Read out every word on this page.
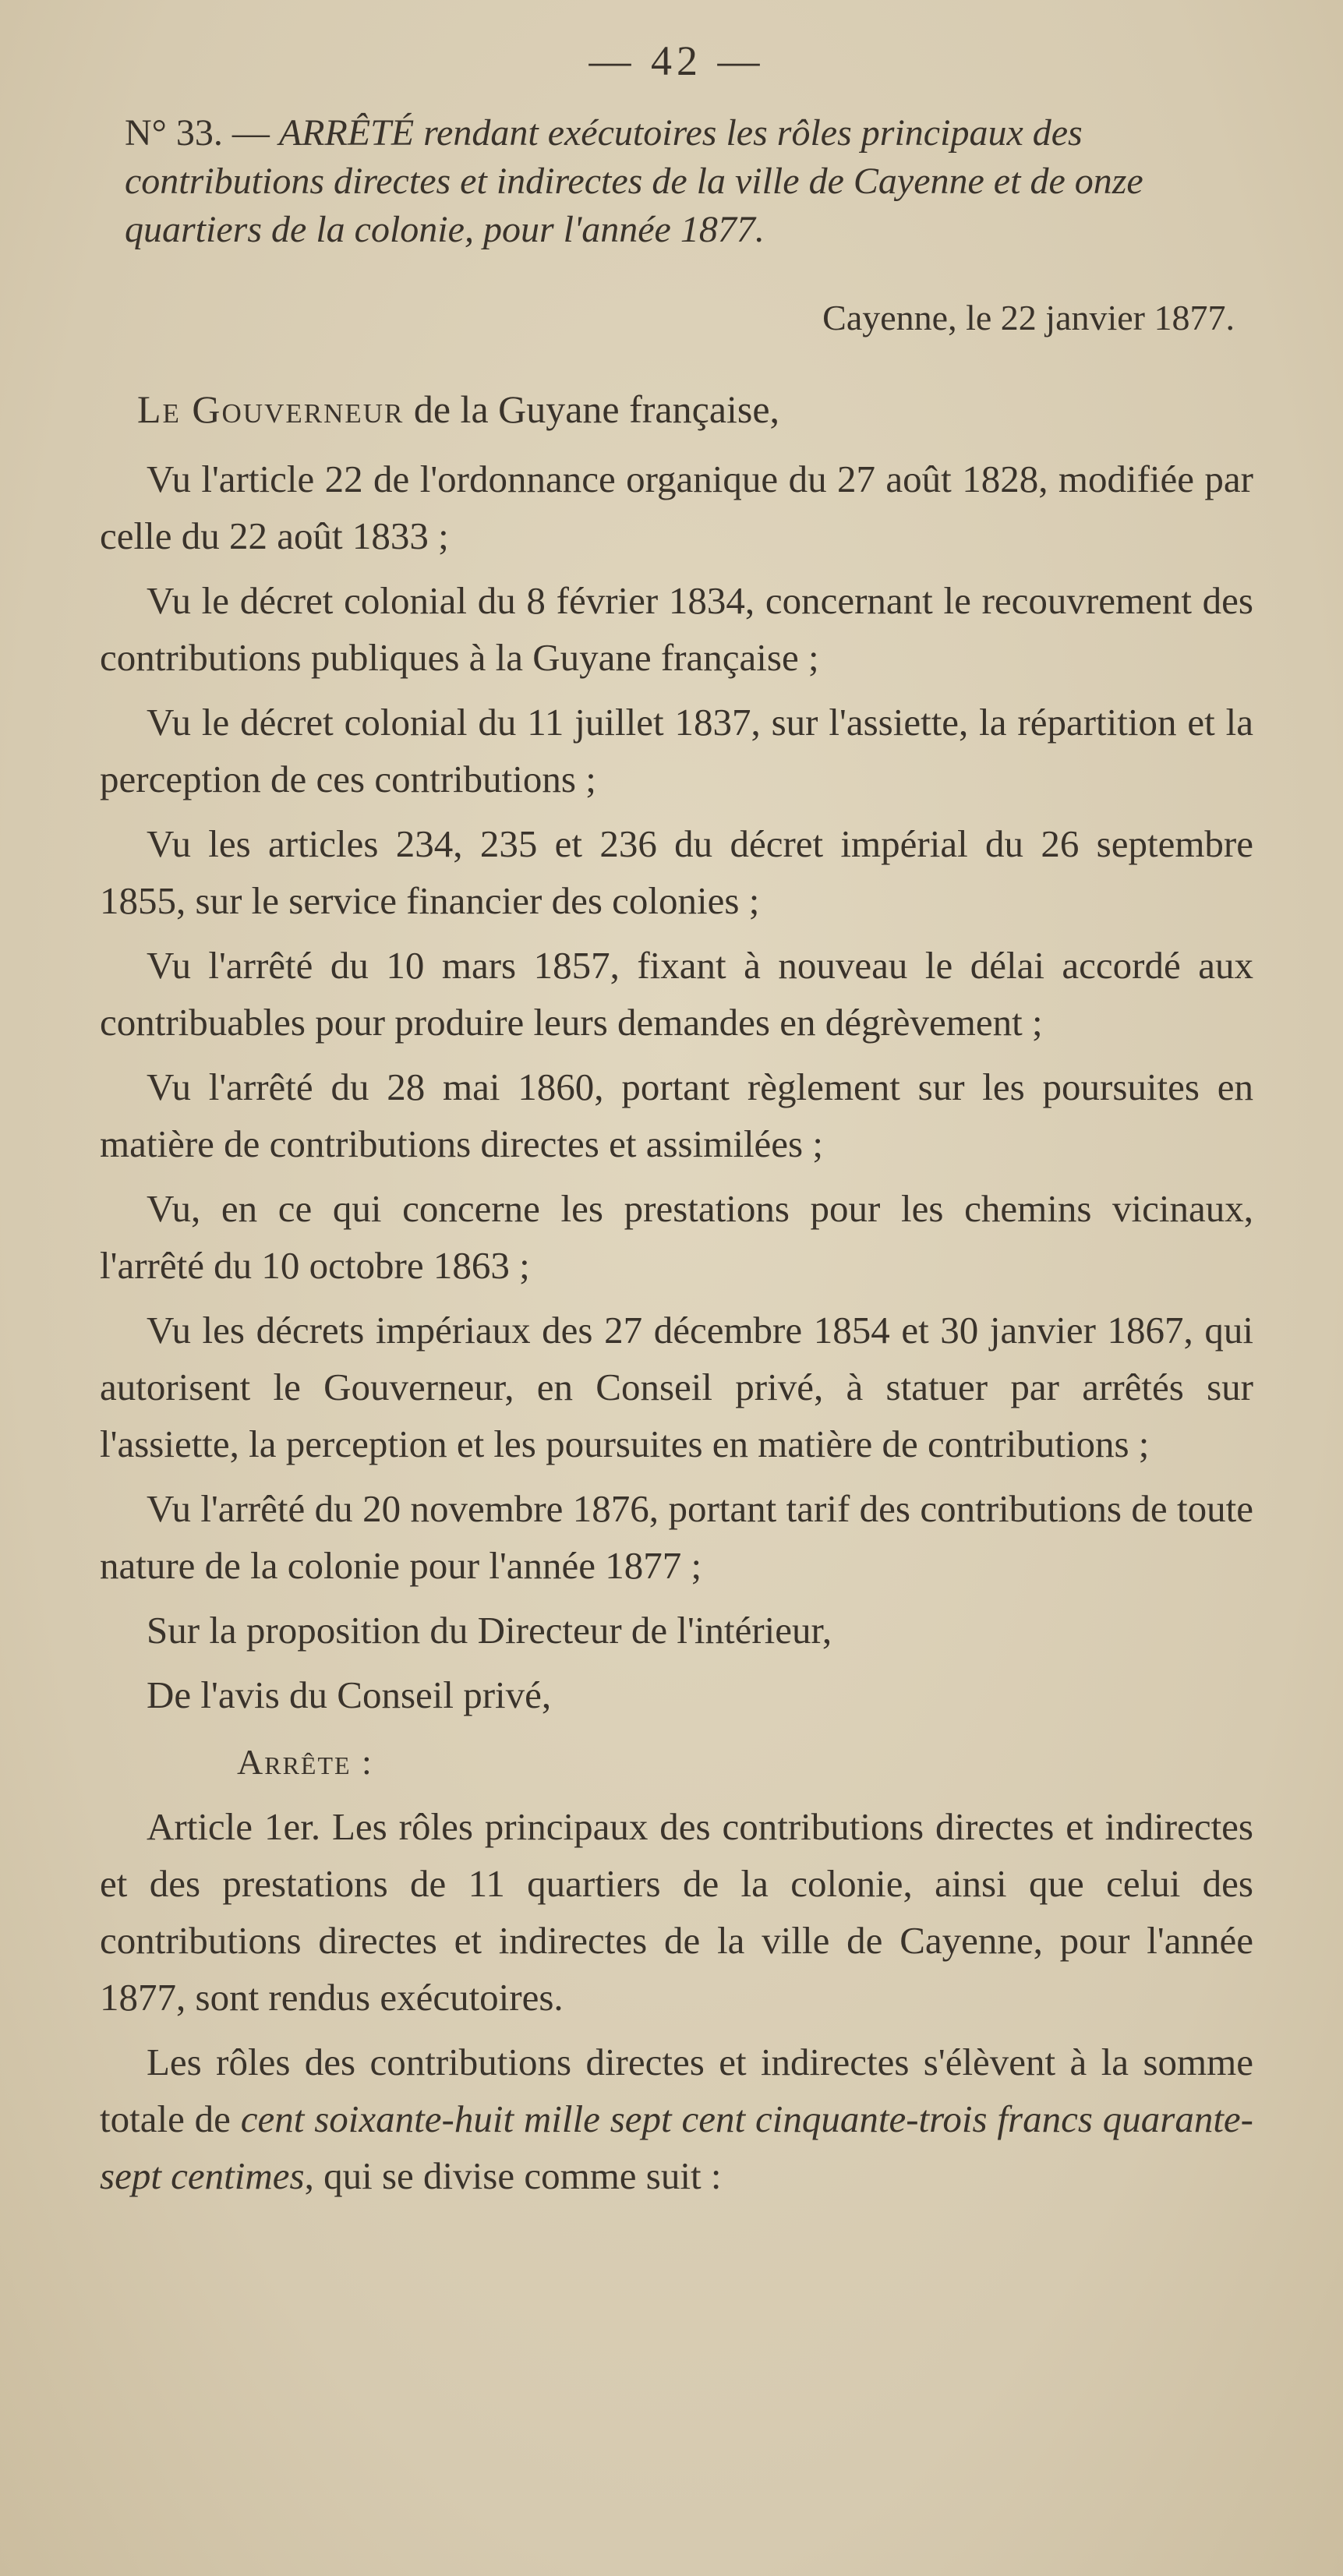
— 42 —
N° 33. — ARRÊTÉ rendant exécutoires les rôles principaux des contributions directes et indirectes de la ville de Cayenne et de onze quartiers de la colonie, pour l'année 1877.
Cayenne, le 22 janvier 1877.
Le Gouverneur de la Guyane française,

Vu l'article 22 de l'ordonnance organique du 27 août 1828, modifiée par celle du 22 août 1833 ;

Vu le décret colonial du 8 février 1834, concernant le recouvrement des contributions publiques à la Guyane française ;

Vu le décret colonial du 11 juillet 1837, sur l'assiette, la répartition et la perception de ces contributions ;

Vu les articles 234, 235 et 236 du décret impérial du 26 septembre 1855, sur le service financier des colonies ;

Vu l'arrêté du 10 mars 1857, fixant à nouveau le délai accordé aux contribuables pour produire leurs demandes en dégrèvement ;

Vu l'arrêté du 28 mai 1860, portant règlement sur les poursuites en matière de contributions directes et assimilées ;

Vu, en ce qui concerne les prestations pour les chemins vicinaux, l'arrêté du 10 octobre 1863 ;

Vu les décrets impériaux des 27 décembre 1854 et 30 janvier 1867, qui autorisent le Gouverneur, en Conseil privé, à statuer par arrêtés sur l'assiette, la perception et les poursuites en matière de contributions ;

Vu l'arrêté du 20 novembre 1876, portant tarif des contributions de toute nature de la colonie pour l'année 1877 ;

Sur la proposition du Directeur de l'intérieur,

De l'avis du Conseil privé,

Arrête :

Article 1er. Les rôles principaux des contributions directes et indirectes et des prestations de 11 quartiers de la colonie, ainsi que celui des contributions directes et indirectes de la ville de Cayenne, pour l'année 1877, sont rendus exécutoires.

Les rôles des contributions directes et indirectes s'élèvent à la somme totale de cent soixante-huit mille sept cent cinquante-trois francs quarante-sept centimes, qui se divise comme suit :
